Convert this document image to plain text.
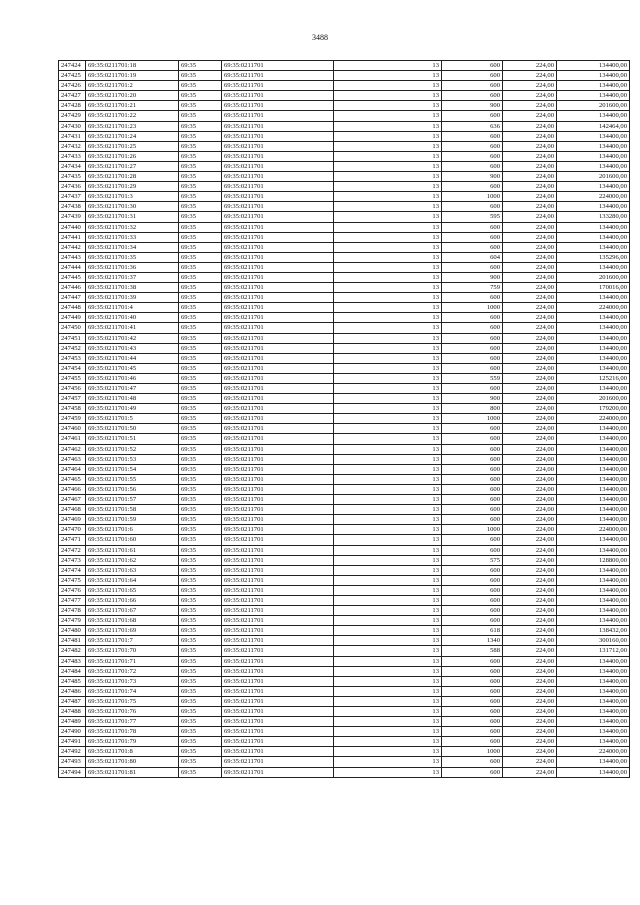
3488
247424	69:35:0211701:18	69:35	69:35:0211701	13	600	224,00	134400,00
247425	69:35:0211701:19	69:35	69:35:0211701	13	600	224,00	134400,00
247426	69:35:0211701:2	69:35	69:35:0211701	13	600	224,00	134400,00
247427	69:35:0211701:20	69:35	69:35:0211701	13	600	224,00	134400,00
247428	69:35:0211701:21	69:35	69:35:0211701	13	900	224,00	201600,00
247429	69:35:0211701:22	69:35	69:35:0211701	13	600	224,00	134400,00
247430	69:35:0211701:23	69:35	69:35:0211701	13	636	224,00	142464,00
247431	69:35:0211701:24	69:35	69:35:0211701	13	600	224,00	134400,00
247432	69:35:0211701:25	69:35	69:35:0211701	13	600	224,00	134400,00
247433	69:35:0211701:26	69:35	69:35:0211701	13	600	224,00	134400,00
247434	69:35:0211701:27	69:35	69:35:0211701	13	600	224,00	134400,00
247435	69:35:0211701:28	69:35	69:35:0211701	13	900	224,00	201600,00
247436	69:35:0211701:29	69:35	69:35:0211701	13	600	224,00	134400,00
247437	69:35:0211701:3	69:35	69:35:0211701	13	1000	224,00	224000,00
247438	69:35:0211701:30	69:35	69:35:0211701	13	600	224,00	134400,00
247439	69:35:0211701:31	69:35	69:35:0211701	13	595	224,00	133280,00
247440	69:35:0211701:32	69:35	69:35:0211701	13	600	224,00	134400,00
247441	69:35:0211701:33	69:35	69:35:0211701	13	600	224,00	134400,00
247442	69:35:0211701:34	69:35	69:35:0211701	13	600	224,00	134400,00
247443	69:35:0211701:35	69:35	69:35:0211701	13	604	224,00	135296,00
247444	69:35:0211701:36	69:35	69:35:0211701	13	600	224,00	134400,00
247445	69:35:0211701:37	69:35	69:35:0211701	13	900	224,00	201600,00
247446	69:35:0211701:38	69:35	69:35:0211701	13	759	224,00	170016,00
247447	69:35:0211701:39	69:35	69:35:0211701	13	600	224,00	134400,00
247448	69:35:0211701:4	69:35	69:35:0211701	13	1000	224,00	224000,00
247449	69:35:0211701:40	69:35	69:35:0211701	13	600	224,00	134400,00
247450	69:35:0211701:41	69:35	69:35:0211701	13	600	224,00	134400,00
247451	69:35:0211701:42	69:35	69:35:0211701	13	600	224,00	134400,00
247452	69:35:0211701:43	69:35	69:35:0211701	13	600	224,00	134400,00
247453	69:35:0211701:44	69:35	69:35:0211701	13	600	224,00	134400,00
247454	69:35:0211701:45	69:35	69:35:0211701	13	600	224,00	134400,00
247455	69:35:0211701:46	69:35	69:35:0211701	13	559	224,00	125216,00
247456	69:35:0211701:47	69:35	69:35:0211701	13	600	224,00	134400,00
247457	69:35:0211701:48	69:35	69:35:0211701	13	900	224,00	201600,00
247458	69:35:0211701:49	69:35	69:35:0211701	13	800	224,00	179200,00
247459	69:35:0211701:5	69:35	69:35:0211701	13	1000	224,00	224000,00
247460	69:35:0211701:50	69:35	69:35:0211701	13	600	224,00	134400,00
247461	69:35:0211701:51	69:35	69:35:0211701	13	600	224,00	134400,00
247462	69:35:0211701:52	69:35	69:35:0211701	13	600	224,00	134400,00
247463	69:35:0211701:53	69:35	69:35:0211701	13	600	224,00	134400,00
247464	69:35:0211701:54	69:35	69:35:0211701	13	600	224,00	134400,00
247465	69:35:0211701:55	69:35	69:35:0211701	13	600	224,00	134400,00
247466	69:35:0211701:56	69:35	69:35:0211701	13	600	224,00	134400,00
247467	69:35:0211701:57	69:35	69:35:0211701	13	600	224,00	134400,00
247468	69:35:0211701:58	69:35	69:35:0211701	13	600	224,00	134400,00
247469	69:35:0211701:59	69:35	69:35:0211701	13	600	224,00	134400,00
247470	69:35:0211701:6	69:35	69:35:0211701	13	1000	224,00	224000,00
247471	69:35:0211701:60	69:35	69:35:0211701	13	600	224,00	134400,00
247472	69:35:0211701:61	69:35	69:35:0211701	13	600	224,00	134400,00
247473	69:35:0211701:62	69:35	69:35:0211701	13	575	224,00	128800,00
247474	69:35:0211701:63	69:35	69:35:0211701	13	600	224,00	134400,00
247475	69:35:0211701:64	69:35	69:35:0211701	13	600	224,00	134400,00
247476	69:35:0211701:65	69:35	69:35:0211701	13	600	224,00	134400,00
247477	69:35:0211701:66	69:35	69:35:0211701	13	600	224,00	134400,00
247478	69:35:0211701:67	69:35	69:35:0211701	13	600	224,00	134400,00
247479	69:35:0211701:68	69:35	69:35:0211701	13	600	224,00	134400,00
247480	69:35:0211701:69	69:35	69:35:0211701	13	618	224,00	138432,00
247481	69:35:0211701:7	69:35	69:35:0211701	13	1340	224,00	300160,00
247482	69:35:0211701:70	69:35	69:35:0211701	13	588	224,00	131712,00
247483	69:35:0211701:71	69:35	69:35:0211701	13	600	224,00	134400,00
247484	69:35:0211701:72	69:35	69:35:0211701	13	600	224,00	134400,00
247485	69:35:0211701:73	69:35	69:35:0211701	13	600	224,00	134400,00
247486	69:35:0211701:74	69:35	69:35:0211701	13	600	224,00	134400,00
247487	69:35:0211701:75	69:35	69:35:0211701	13	600	224,00	134400,00
247488	69:35:0211701:76	69:35	69:35:0211701	13	600	224,00	134400,00
247489	69:35:0211701:77	69:35	69:35:0211701	13	600	224,00	134400,00
247490	69:35:0211701:78	69:35	69:35:0211701	13	600	224,00	134400,00
247491	69:35:0211701:79	69:35	69:35:0211701	13	600	224,00	134400,00
247492	69:35:0211701:8	69:35	69:35:0211701	13	1000	224,00	224000,00
247493	69:35:0211701:80	69:35	69:35:0211701	13	600	224,00	134400,00
247494	69:35:0211701:81	69:35	69:35:0211701	13	600	224,00	134400,00
